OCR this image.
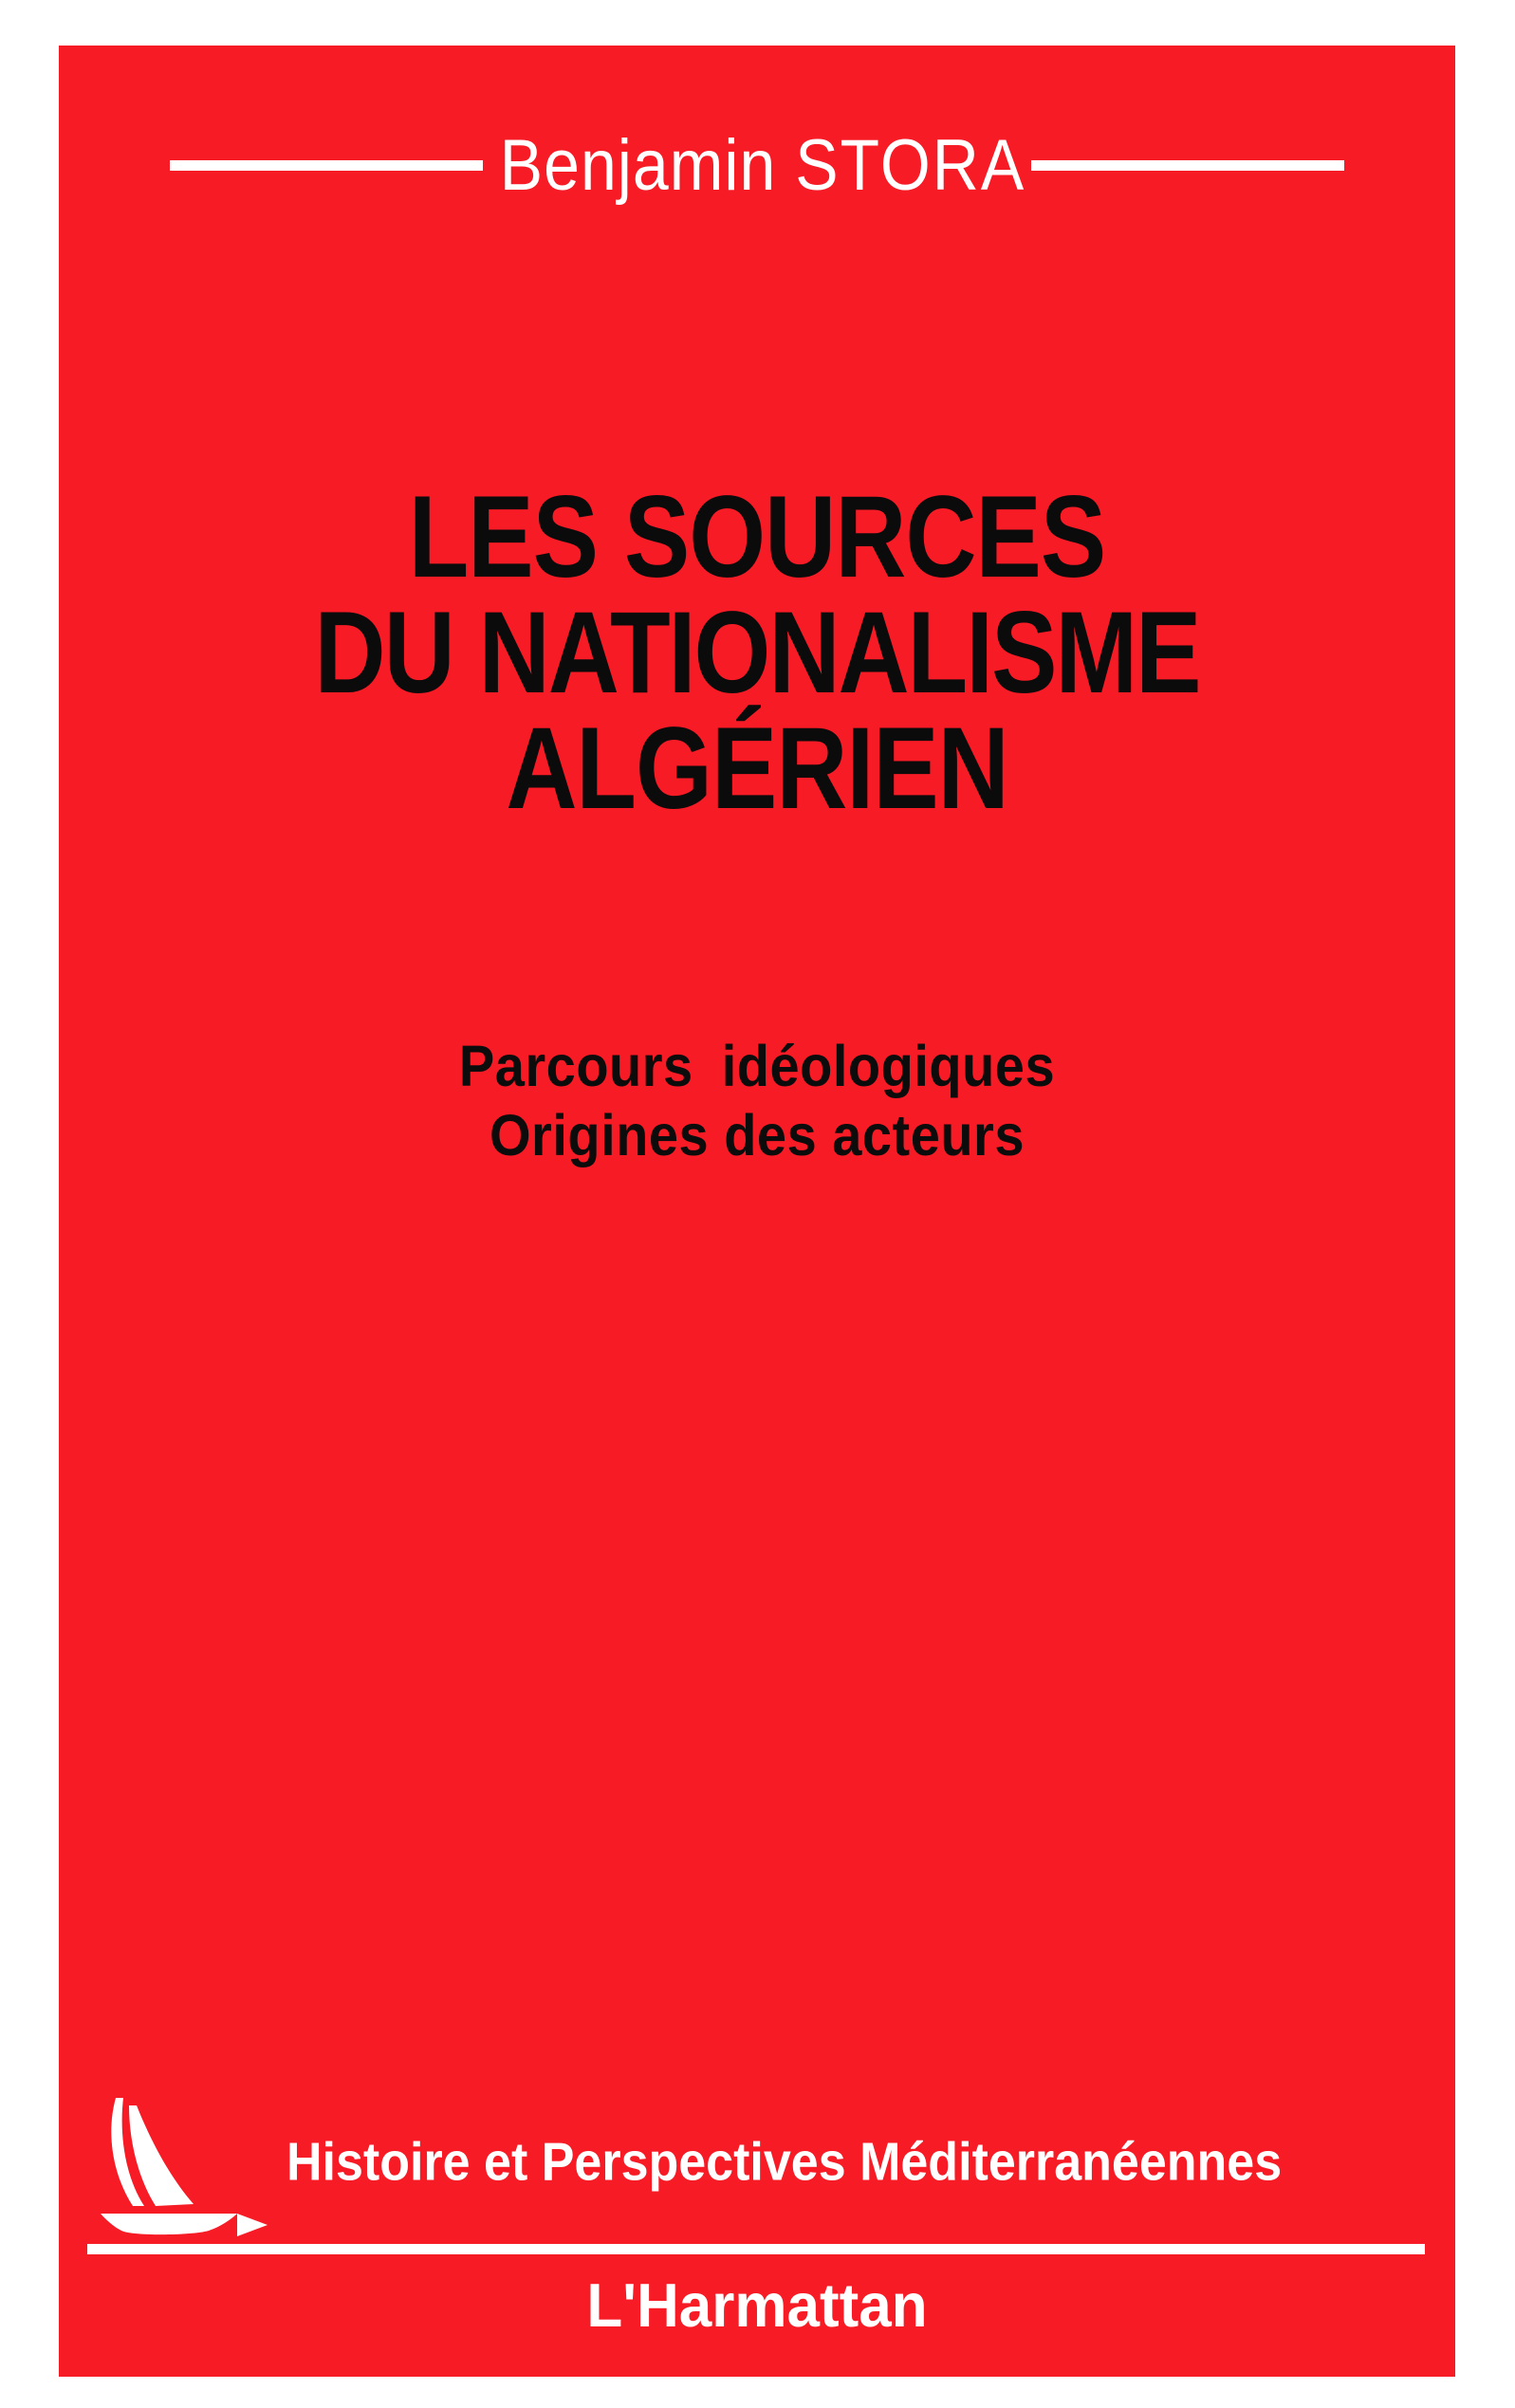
Benjamin STORA
LES SOURCES
DU NATIONALISME
ALGÉRIEN
Parcours idéologiques
Origines des acteurs
Histoire et Perspectives Méditerranéennes
L'Harmattan
